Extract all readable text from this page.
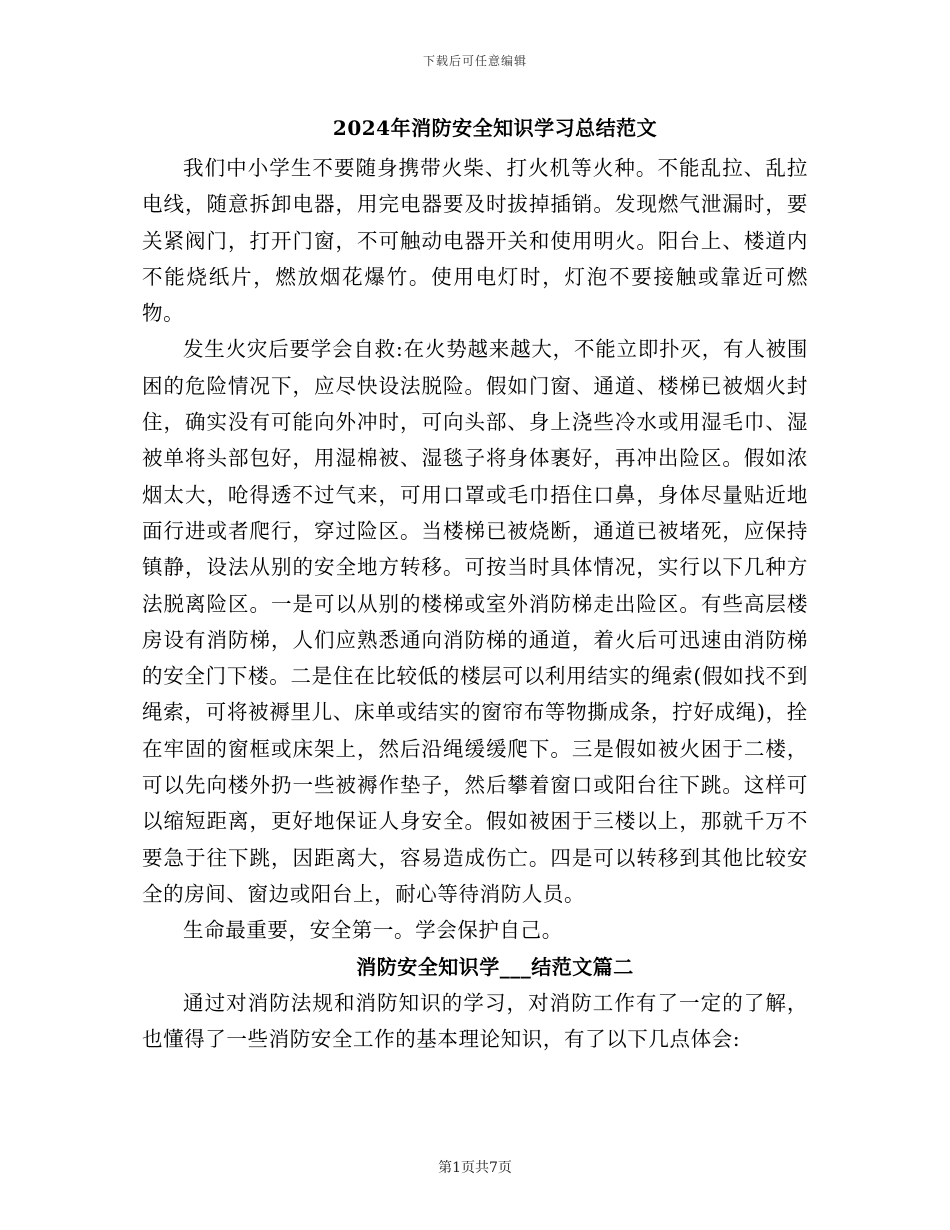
下载后可任意编辑
2024年消防安全知识学习总结范文

我们中小学生不要随身携带火柴、打火机等火种。不能乱拉、乱拉电线，随意拆卸电器，用完电器要及时拔掉插销。发现燃气泄漏时，要关紧阀门，打开门窗，不可触动电器开关和使用明火。阳台上、楼道内不能烧纸片，燃放烟花爆竹。使用电灯时，灯泡不要接触或靠近可燃物。

发生火灾后要学会自救:在火势越来越大，不能立即扑灭，有人被围困的危险情况下，应尽快设法脱险。假如门窗、通道、楼梯已被烟火封住，确实没有可能向外冲时，可向头部、身上浇些冷水或用湿毛巾、湿被单将头部包好，用湿棉被、湿毯子将身体裹好，再冲出险区。假如浓烟太大，呛得透不过气来，可用口罩或毛巾捂住口鼻，身体尽量贴近地面行进或者爬行，穿过险区。当楼梯已被烧断，通道已被堵死，应保持镇静，设法从别的安全地方转移。可按当时具体情况，实行以下几种方法脱离险区。一是可以从别的楼梯或室外消防梯走出险区。有些高层楼房设有消防梯，人们应熟悉通向消防梯的通道，着火后可迅速由消防梯的安全门下楼。二是住在比较低的楼层可以利用结实的绳索(假如找不到绳索，可将被褥里儿、床单或结实的窗帘布等物撕成条，拧好成绳)，拴在牢固的窗框或床架上，然后沿绳缓缓爬下。三是假如被火困于二楼，可以先向楼外扔一些被褥作垫子，然后攀着窗口或阳台往下跳。这样可以缩短距离，更好地保证人身安全。假如被困于三楼以上，那就千万不要急于往下跳，因距离大，容易造成伤亡。四是可以转移到其他比较安全的房间、窗边或阳台上，耐心等待消防人员。

生命最重要，安全第一。学会保护自己。

消防安全知识学___结范文篇二

通过对消防法规和消防知识的学习，对消防工作有了一定的了解，也懂得了一些消防安全工作的基本理论知识，有了以下几点体会:

第1页共7页
